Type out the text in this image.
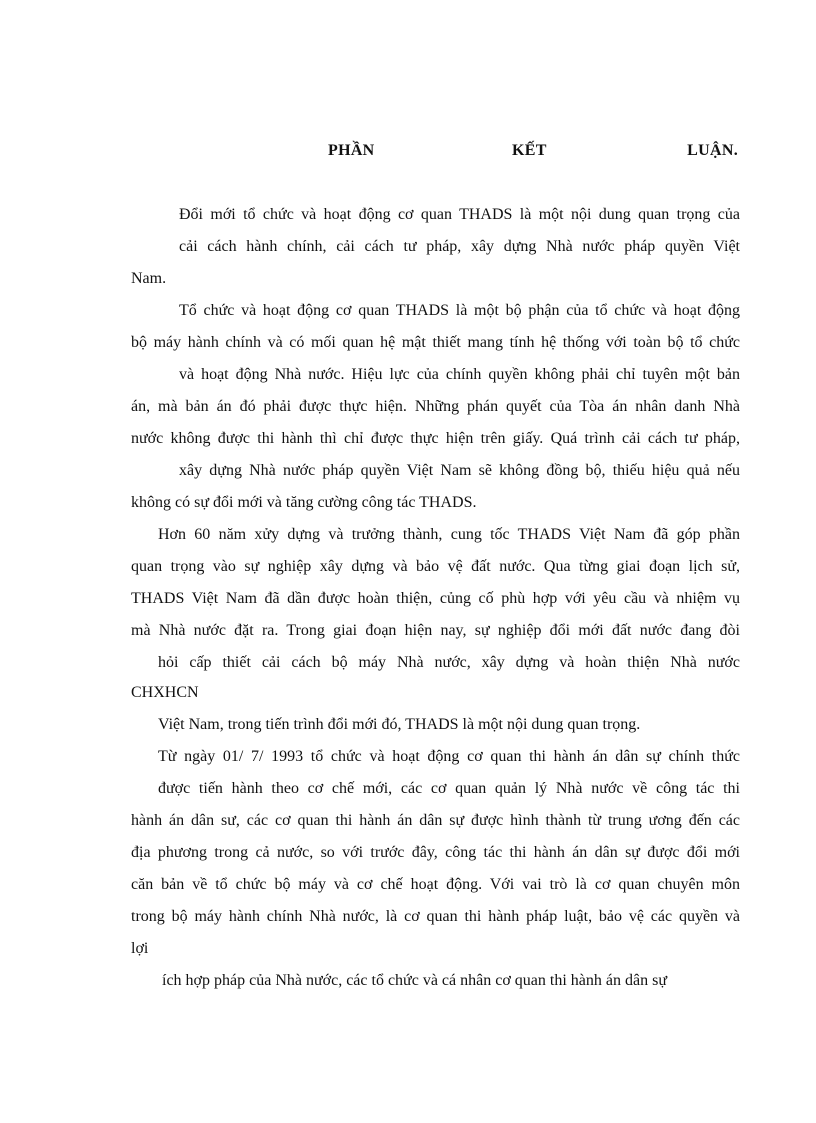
PHẦN	KẾT	LUẬN.
Đổi mới tổ chức và hoạt động cơ quan THADS là một nội dung quan trọng của
cải cách hành chính, cải cách tư pháp, xây dựng Nhà nước pháp quyền Việt
Nam.
Tổ chức và hoạt động cơ quan THADS là một bộ phận của tổ chức và hoạt động
bộ máy hành chính và có mối quan hệ mật thiết mang tính hệ thống với toàn bộ tổ chức
và hoạt động Nhà nước. Hiệu lực của chính quyền không phải chỉ tuyên một bản
án, mà bản án đó phải được thực hiện. Những phán quyết của Tòa án nhân danh Nhà
nước không được thi hành thì chỉ được thực hiện trên giấy. Quá trình cải cách tư pháp,
xây dựng Nhà nước pháp quyền Việt Nam sẽ không đồng bộ, thiếu hiệu quả nếu
không có sự đổi mới và tăng cường công tác THADS.
Hơn 60 năm xửy dựng và trưởng thành, cung tốc THADS Việt Nam đã góp phần
quan trọng vào sự nghiệp xây dựng và bảo vệ đất nước. Qua từng giai đoạn lịch sử,
THADS Việt Nam đã dần được hoàn thiện, củng cố phù hợp với yêu cầu và nhiệm vụ
mà Nhà nước đặt ra. Trong giai đoạn hiện nay, sự nghiệp đổi mới đất nước đang đòi
hỏi cấp thiết cải cách bộ máy Nhà nước, xây dựng và hoàn thiện Nhà nước
CHXHCN
Việt Nam, trong tiến trình đổi mới đó, THADS là một nội dung quan trọng.
Từ ngày 01/ 7/ 1993 tổ chức và hoạt động cơ quan thi hành án dân sự chính thức
được tiến hành theo cơ chế mới, các cơ quan quản lý Nhà nước về công tác thi
hành án dân sư, các cơ quan thi hành án dân sự được hình thành từ trung ương đến các
địa phương trong cả nước, so với trước đây, công tác thi hành án dân sự được đổi mới
căn bản về tổ chức bộ máy và cơ chế hoạt động. Với vai trò là cơ quan chuyên môn
trong bộ máy hành chính Nhà nước, là cơ quan thi hành pháp luật, bảo vệ các quyền và
lợi
ích hợp pháp của Nhà nước, các tổ chức và cá nhân cơ quan thi hành án dân sự
